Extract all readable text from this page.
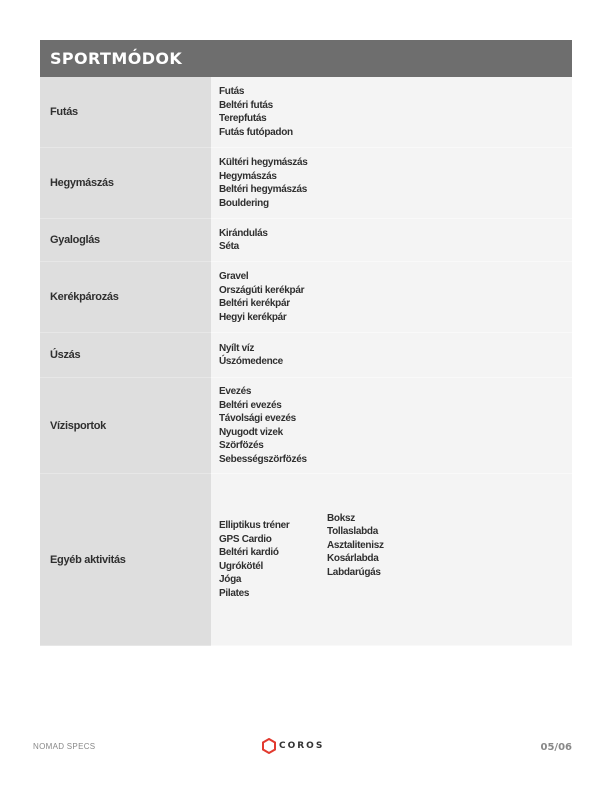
SPORTMÓDOK
Futás
Futás
Beltéri futás
Terepfutás
Futás futópadon
Hegymászás
Kültéri hegymászás
Hegymászás
Beltéri hegymászás
Bouldering
Gyaloglás
Kirándulás
Séta
Kerékpározás
Gravel
Országúti kerékpár
Beltéri kerékpár
Hegyi kerékpár
Úszás
Nyílt víz
Úszómedence
Vízisportok
Evezés
Beltéri evezés
Távolsági evezés
Nyugodt vizek
Szörfözés
Sebességszörfözés
Egyéb aktivitás
Elliptikus tréner
GPS Cardio
Beltéri kardió
Ugrókötél
Jóga
Pilates
Boksz
Tollaslabda
Asztalitenisz
Kosárlabda
Labdarúgás
NOMAD SPECS	COROS	05/06
